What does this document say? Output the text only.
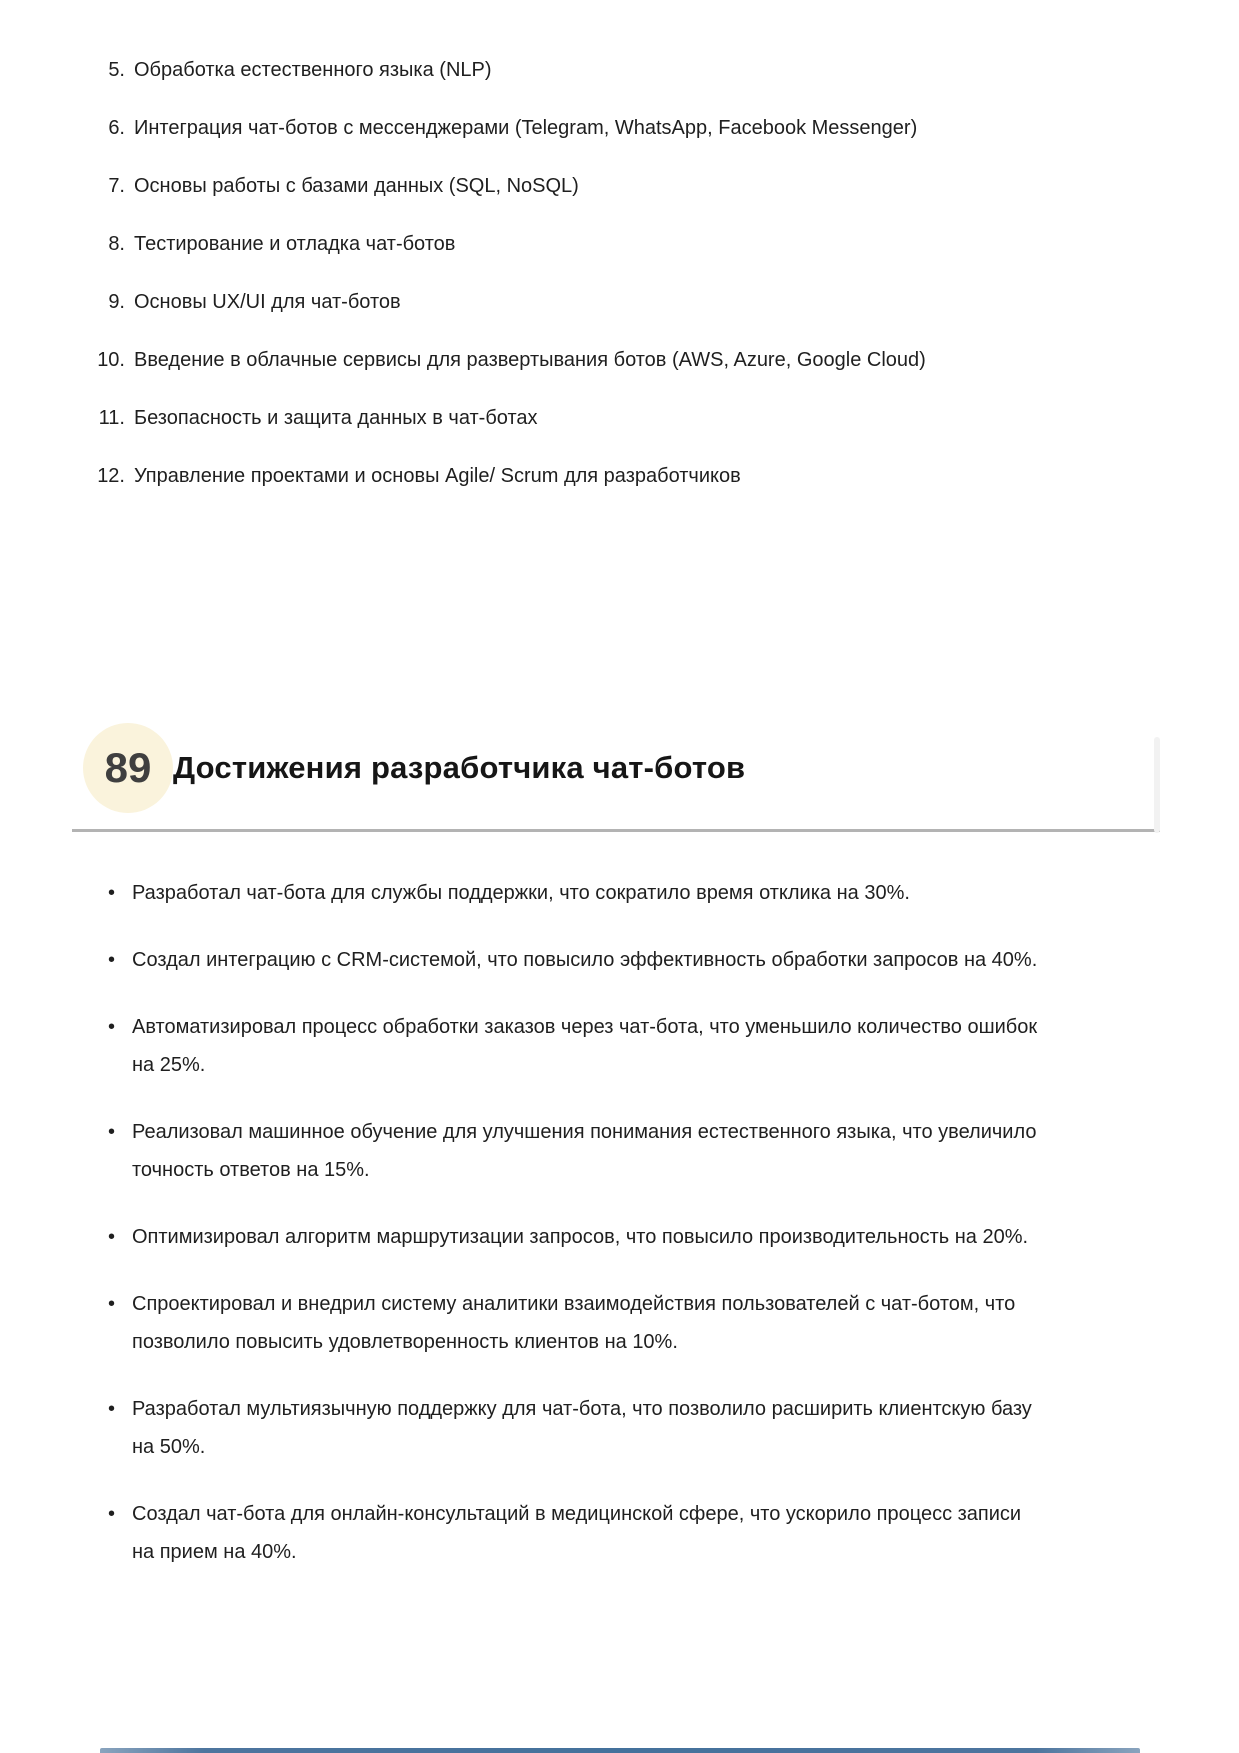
5. Обработка естественного языка (NLP)
6. Интеграция чат-ботов с мессенджерами (Telegram, WhatsApp, Facebook Messenger)
7. Основы работы с базами данных (SQL, NoSQL)
8. Тестирование и отладка чат-ботов
9. Основы UX/UI для чат-ботов
10. Введение в облачные сервисы для развертывания ботов (AWS, Azure, Google Cloud)
11. Безопасность и защита данных в чат-ботах
12. Управление проектами и основы Agile/ Scrum для разработчиков
89 Достижения разработчика чат-ботов
• Разработал чат-бота для службы поддержки, что сократило время отклика на 30%.
• Создал интеграцию с CRM-системой, что повысило эффективность обработки запросов на 40%.
• Автоматизировал процесс обработки заказов через чат-бота, что уменьшило количество ошибок на 25%.
• Реализовал машинное обучение для улучшения понимания естественного языка, что увеличило точность ответов на 15%.
• Оптимизировал алгоритм маршрутизации запросов, что повысило производительность на 20%.
• Спроектировал и внедрил систему аналитики взаимодействия пользователей с чат-ботом, что позволило повысить удовлетворенность клиентов на 10%.
• Разработал мультиязычную поддержку для чат-бота, что позволило расширить клиентскую базу на 50%.
• Создал чат-бота для онлайн-консультаций в медицинской сфере, что ускорило процесс записи на прием на 40%.
